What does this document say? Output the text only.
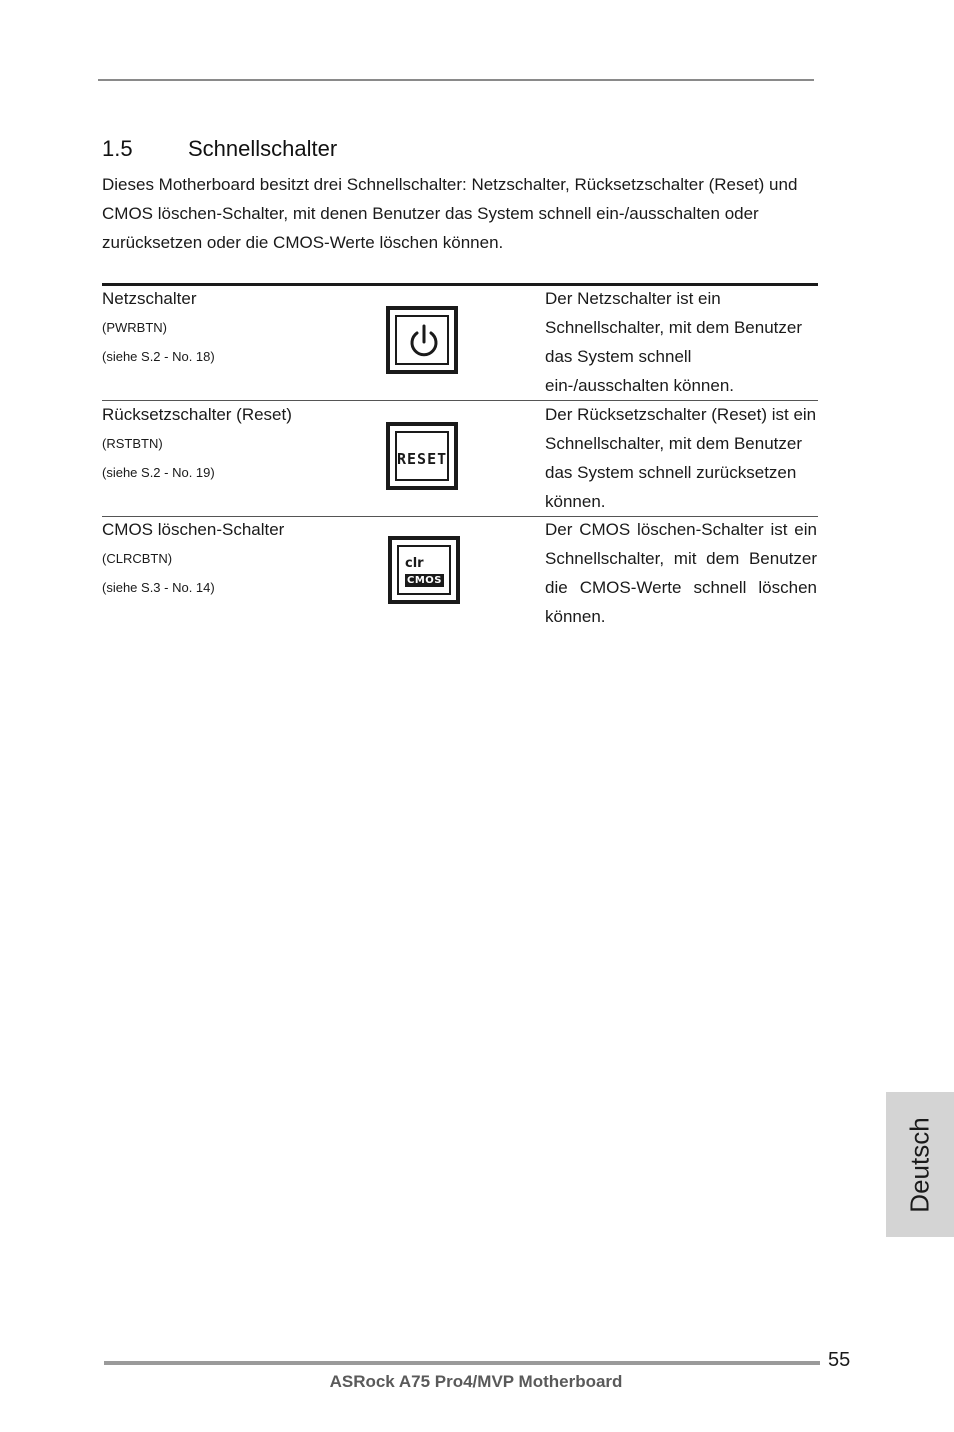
1.5	Schnellschalter
Dieses Motherboard besitzt drei Schnellschalter: Netzschalter, Rücksetzschalter (Reset) und CMOS löschen-Schalter, mit denen Benutzer das System schnell ein-/ausschalten oder zurücksetzen oder die CMOS-Werte löschen können.
Netzschalter
(PWRBTN)
(siehe S.2 - No. 18)
Der Netzschalter ist ein Schnellschalter, mit dem Benutzer das System schnell ein-/ausschalten können.
Rücksetzschalter (Reset)
(RSTBTN)
(siehe S.2 - No. 19)
RESET
Der Rücksetzschalter (Reset) ist ein Schnellschalter, mit dem Benutzer das System schnell zurücksetzen können.
CMOS löschen-Schalter
(CLRCBTN)
(siehe S.3 - No. 14)
clr
CMOS
Der CMOS löschen-Schalter ist ein Schnellschalter, mit dem Benutzer die CMOS-Werte schnell löschen können.
Deutsch
55
ASRock A75 Pro4/MVP Motherboard
